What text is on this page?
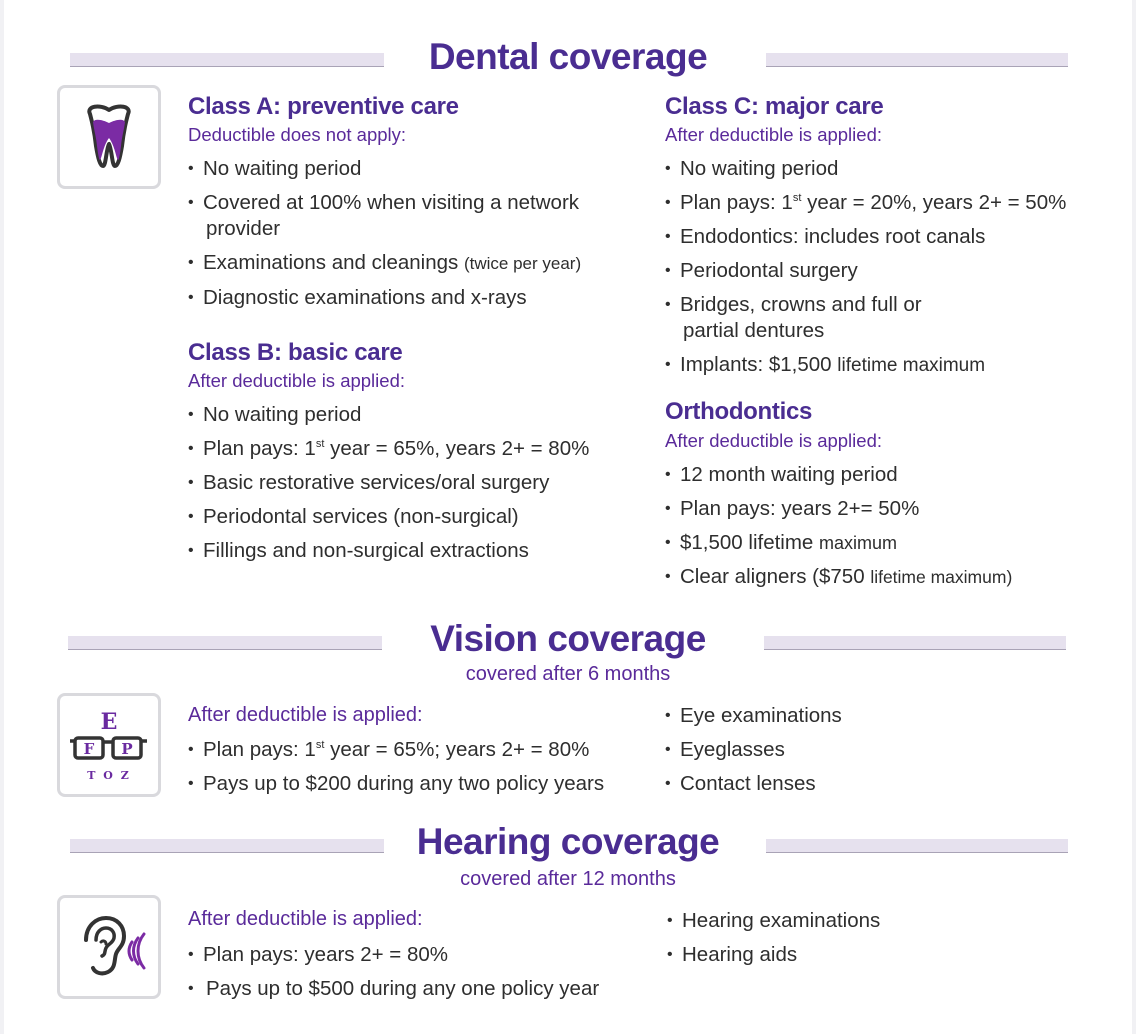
Dental coverage
Class A: preventive care
Deductible does not apply:
• No waiting period
• Covered at 100% when visiting a network
provider
• Examinations and cleanings (twice per year)
• Diagnostic examinations and x-rays
Class B: basic care
After deductible is applied:
• No waiting period
• Plan pays: 1st year = 65%, years 2+ = 80%
• Basic restorative services/oral surgery
• Periodontal services (non-surgical)
• Fillings and non-surgical extractions
Class C: major care
After deductible is applied:
• No waiting period
• Plan pays: 1st year = 20%, years 2+ = 50%
• Endodontics: includes root canals
• Periodontal surgery
• Bridges, crowns and full or
partial dentures
• Implants: $1,500 lifetime maximum
Orthodontics
After deductible is applied:
• 12 month waiting period
• Plan pays: years 2+= 50%
• $1,500 lifetime maximum
• Clear aligners ($750 lifetime maximum)
Vision coverage
covered after 6 months
E
F P
T O Z
After deductible is applied:
• Plan pays: 1st year = 65%; years 2+ = 80%
• Pays up to $200 during any two policy years
• Eye examinations
• Eyeglasses
• Contact lenses
Hearing coverage
covered after 12 months
After deductible is applied:
• Plan pays: years 2+ = 80%
• Pays up to $500 during any one policy year
• Hearing examinations
• Hearing aids
